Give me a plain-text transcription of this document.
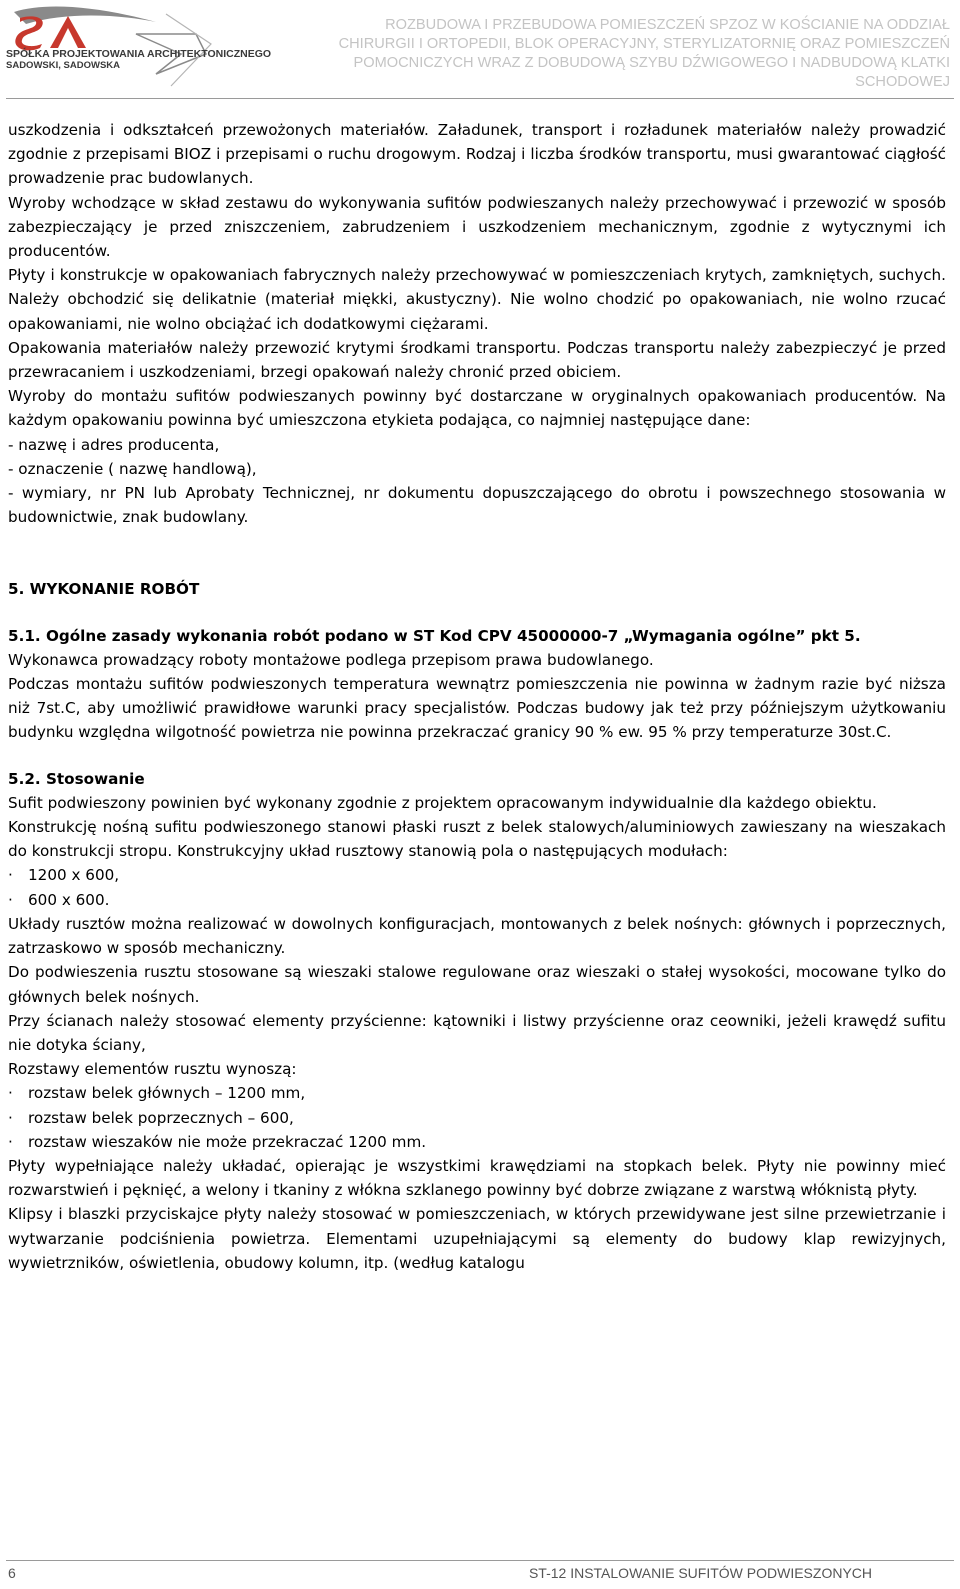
SPÓŁKA PROJEKTOWANIA ARCHITEKTONICZNEGO
SADOWSKI, SADOWSKA
ROZBUDOWA I PRZEBUDOWA POMIESZCZEŃ SPZOZ W KOŚCIANIE NA ODDZIAŁ
CHIRURGII I ORTOPEDII, BLOK OPERACYJNY, STERYLIZATORNIĘ ORAZ POMIESZCZEŃ
POMOCNICZYCH WRAZ Z DOBUDOWĄ SZYBU DŹWIGOWEGO I NADBUDOWĄ KLATKI SCHODOWEJ

uszkodzenia i odkształceń przewożonych materiałów. Załadunek, transport i rozładunek materiałów należy prowadzić zgodnie z przepisami BIOZ i przepisami o ruchu drogowym. Rodzaj i liczba środków transportu, musi gwarantować ciągłość prowadzenie prac budowlanych.

Wyroby wchodzące w skład zestawu do wykonywania sufitów podwieszanych należy przechowywać i przewozić w sposób zabezpieczający je przed zniszczeniem, zabrudzeniem i uszkodzeniem mechanicznym, zgodnie z wytycznymi ich producentów.

Płyty i konstrukcje w opakowaniach fabrycznych należy przechowywać w pomieszczeniach krytych, zamkniętych, suchych. Należy obchodzić się delikatnie (materiał miękki, akustyczny). Nie wolno chodzić po opakowaniach, nie wolno rzucać opakowaniami, nie wolno obciążać ich dodatkowymi ciężarami.

Opakowania materiałów należy przewozić krytymi środkami transportu. Podczas transportu należy zabezpieczyć je przed przewracaniem i uszkodzeniami, brzegi opakowań należy chronić przed obiciem.

Wyroby do montażu sufitów podwieszanych powinny być dostarczane w oryginalnych opakowaniach producentów. Na każdym opakowaniu powinna być umieszczona etykieta podająca, co najmniej następujące dane:

- nazwę i adres producenta,

- oznaczenie ( nazwę handlową),

- wymiary, nr PN lub Aprobaty Technicznej, nr dokumentu dopuszczającego do obrotu i powszechnego stosowania w budownictwie, znak budowlany.

5. WYKONANIE ROBÓT

5.1. Ogólne zasady wykonania robót podano w ST Kod CPV 45000000-7 „Wymagania ogólne” pkt 5.

Wykonawca prowadzący roboty montażowe podlega przepisom prawa budowlanego.

Podczas montażu sufitów podwieszonych temperatura wewnątrz pomieszczenia nie powinna w żadnym razie być niższa niż 7st.C, aby umożliwić prawidłowe warunki pracy specjalistów. Podczas budowy jak też przy późniejszym użytkowaniu budynku względna wilgotność powietrza nie powinna przekraczać granicy 90 % ew. 95 % przy temperaturze 30st.C.

5.2. Stosowanie

Sufit podwieszony powinien być wykonany zgodnie z projektem opracowanym indywidualnie dla każdego obiektu.

Konstrukcję nośną sufitu podwieszonego stanowi płaski ruszt z belek stalowych/aluminiowych zawieszany na wieszakach do konstrukcji stropu. Konstrukcyjny układ rusztowy stanowią pola o następujących modułach:

· 1200 x 600,

· 600 x 600.

Układy rusztów można realizować w dowolnych konfiguracjach, montowanych z belek nośnych: głównych i poprzecznych, zatrzaskowo w sposób mechaniczny.

Do podwieszenia rusztu stosowane są wieszaki stalowe regulowane oraz wieszaki o stałej wysokości, mocowane tylko do głównych belek nośnych.

Przy ścianach należy stosować elementy przyścienne: kątowniki i listwy przyścienne oraz ceowniki, jeżeli krawędź sufitu nie dotyka ściany,

Rozstawy elementów rusztu wynoszą:

· rozstaw belek głównych – 1200 mm,

· rozstaw belek poprzecznych – 600,

· rozstaw wieszaków nie może przekraczać 1200 mm.

Płyty wypełniające należy układać, opierając je wszystkimi krawędziami na stopkach belek. Płyty nie powinny mieć rozwarstwień i pęknięć, a welony i tkaniny z włókna szklanego powinny być dobrze związane z warstwą włóknistą płyty.

Klipsy i blaszki przyciskajce płyty należy stosować w pomieszczeniach, w których przewidywane jest silne przewietrzanie i wytwarzanie podciśnienia powietrza. Elementami uzupełniającymi są elementy do budowy klap rewizyjnych, wywietrzników, oświetlenia, obudowy kolumn, itp. (według katalogu

6	ST-12 INSTALOWANIE SUFITÓW PODWIESZONYCH
